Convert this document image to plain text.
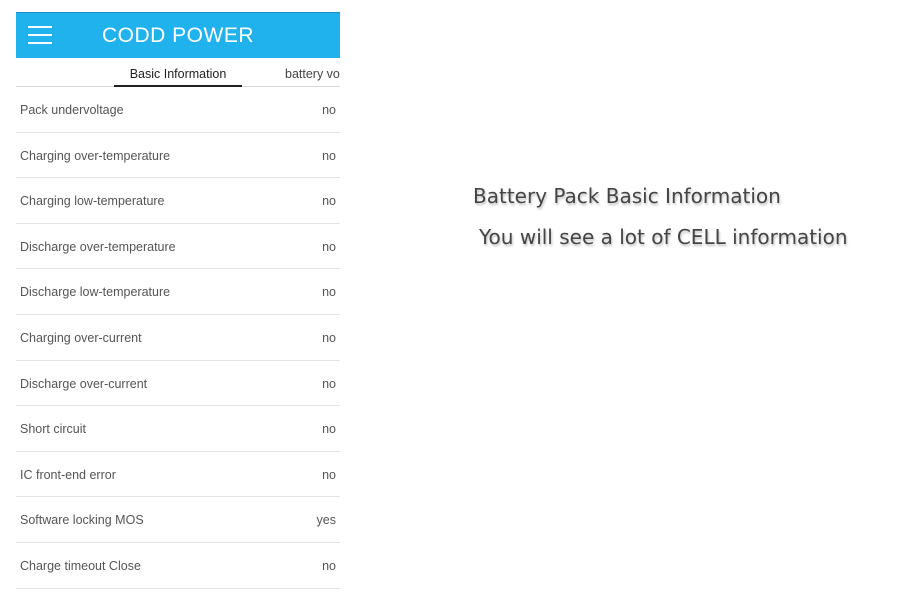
CODD POWER
Basic Information	battery vo
Pack undervoltage	no
Charging over-temperature	no
Charging low-temperature	no
Discharge over-temperature	no
Discharge low-temperature	no
Charging over-current	no
Discharge over-current	no
Short circuit	no
IC front-end error	no
Software locking MOS	yes
Charge timeout Close	no
Battery Pack Basic Information
You will see a lot of CELL information
